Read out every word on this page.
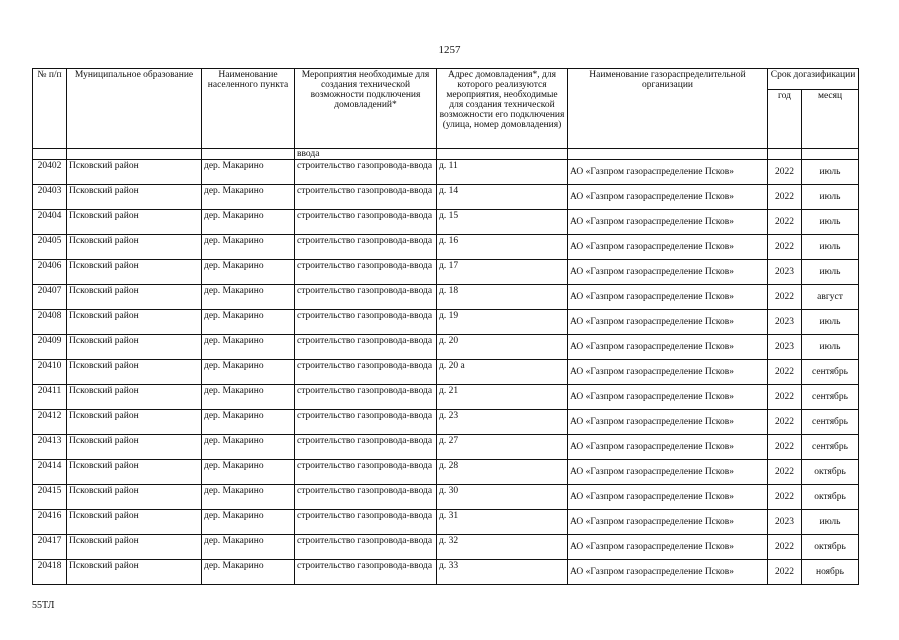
1257
№ п/п	Муниципальное образование	Наименование населенного пункта	Мероприятия необходимые для создания технической возможности подключения домовладений*	Адрес домовладения*, для которого реализуются мероприятия, необходимые для создания технической возможности его подключения (улица, номер домовладения)	Наименование газораспределительной организации	Срок догазификации	
						год	месяц
			ввода				
20402	Псковский район	дер. Макарино	строительство газопровода-ввода	д. 11	АО «Газпром газораспределение Псков»	2022	июль
20403	Псковский район	дер. Макарино	строительство газопровода-ввода	д. 14	АО «Газпром газораспределение Псков»	2022	июль
20404	Псковский район	дер. Макарино	строительство газопровода-ввода	д. 15	АО «Газпром газораспределение Псков»	2022	июль
20405	Псковский район	дер. Макарино	строительство газопровода-ввода	д. 16	АО «Газпром газораспределение Псков»	2022	июль
20406	Псковский район	дер. Макарино	строительство газопровода-ввода	д. 17	АО «Газпром газораспределение Псков»	2023	июль
20407	Псковский район	дер. Макарино	строительство газопровода-ввода	д. 18	АО «Газпром газораспределение Псков»	2022	август
20408	Псковский район	дер. Макарино	строительство газопровода-ввода	д. 19	АО «Газпром газораспределение Псков»	2023	июль
20409	Псковский район	дер. Макарино	строительство газопровода-ввода	д. 20	АО «Газпром газораспределение Псков»	2023	июль
20410	Псковский район	дер. Макарино	строительство газопровода-ввода	д. 20 а	АО «Газпром газораспределение Псков»	2022	сентябрь
20411	Псковский район	дер. Макарино	строительство газопровода-ввода	д. 21	АО «Газпром газораспределение Псков»	2022	сентябрь
20412	Псковский район	дер. Макарино	строительство газопровода-ввода	д. 23	АО «Газпром газораспределение Псков»	2022	сентябрь
20413	Псковский район	дер. Макарино	строительство газопровода-ввода	д. 27	АО «Газпром газораспределение Псков»	2022	сентябрь
20414	Псковский район	дер. Макарино	строительство газопровода-ввода	д. 28	АО «Газпром газораспределение Псков»	2022	октябрь
20415	Псковский район	дер. Макарино	строительство газопровода-ввода	д. 30	АО «Газпром газораспределение Псков»	2022	октябрь
20416	Псковский район	дер. Макарино	строительство газопровода-ввода	д. 31	АО «Газпром газораспределение Псков»	2023	июль
20417	Псковский район	дер. Макарино	строительство газопровода-ввода	д. 32	АО «Газпром газораспределение Псков»	2022	октябрь
20418	Псковский район	дер. Макарино	строительство газопровода-ввода	д. 33	АО «Газпром газораспределение Псков»	2022	ноябрь
55ТЛ
